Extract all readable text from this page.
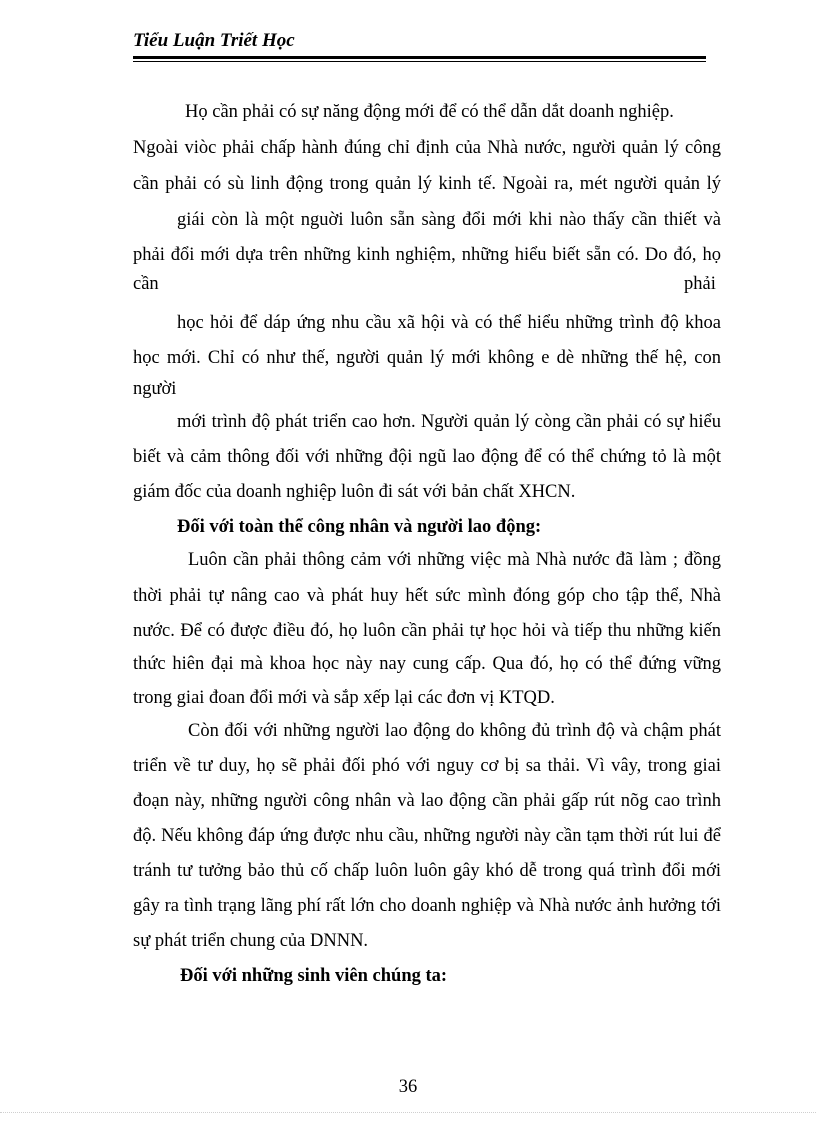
Tiểu Luận Triết Học
Họ cần phải có sự năng động mới để có thể dẫn dắt doanh nghiệp.
Ngoài viòc phải chấp hành đúng chỉ định của Nhà nước, người quản lý công
cần phải có sù linh động trong quản lý kinh tế. Ngoài ra, mét người quản lý
giái còn là một nguời luôn sẵn sàng đổi mới khi nào thấy cần thiết và
phải đổi mới dựa trên những kinh nghiệm, những hiểu biết sẵn có. Do đó, họ
cần	phải
học hỏi để dáp ứng nhu cầu xã hội và có thể hiểu những trình độ khoa
học mới. Chỉ có như thế, người quản lý mới không e dè những thế hệ, con
người
mới trình độ phát triển cao hơn. Người quản lý còng cần phải có sự hiểu
biết và cảm thông đối với những đội ngũ lao động để có thể chứng tỏ là một
giám đốc của doanh nghiệp luôn đi sát với bản chất XHCN.
Đối với toàn thể công nhân và người lao động:
Luôn cần phải thông cảm với những việc mà Nhà nước đã làm ; đồng
thời phải tự nâng cao và phát huy hết sức mình đóng góp cho tập thể, Nhà
nước. Để có được điều đó, họ luôn cần phải tự học hỏi và tiếp thu những kiến
thức hiên đại mà khoa học này nay cung cấp. Qua đó, họ có thể đứng vững
trong giai đoan đổi mới và sắp xếp lại các đơn vị KTQD.
Còn đối với những người lao động do không đủ trình độ và chậm phát
triển về tư duy, họ sẽ phải đối phó với nguy cơ bị sa thải. Vì vây, trong giai
đoạn này, những người công nhân và lao động cần phải gấp rút nõg cao trình
độ. Nếu không đáp ứng được nhu cầu, những người này cần tạm thời rút lui để
tránh tư tưởng bảo thủ cố chấp luôn luôn gây khó dễ trong quá trình đổi mới
gây ra tình trạng lãng phí rất lớn cho doanh nghiệp và Nhà nước ảnh hưởng tới
sự phát triển chung của DNNN.
Đối với những sinh viên chúng ta:
36
